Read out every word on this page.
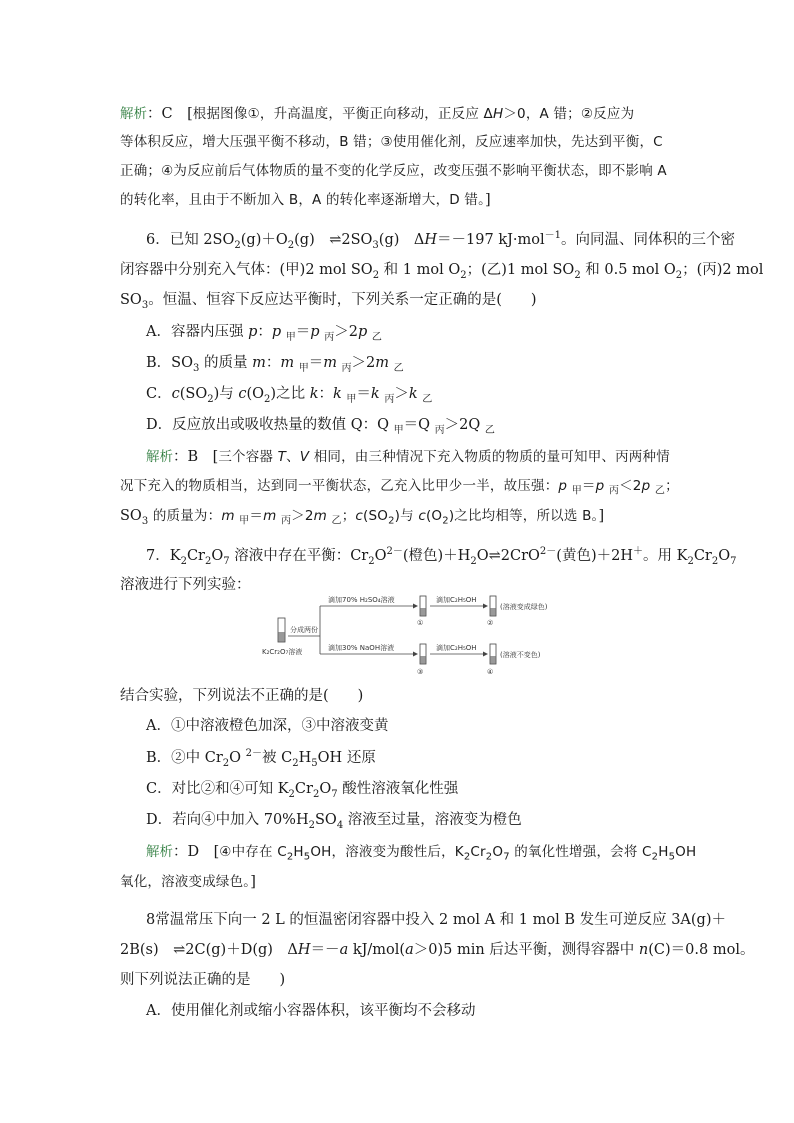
解析：C　[根据图像①，升高温度，平衡正向移动，正反应 ΔH＞0，A 错；②反应为
等体积反应，增大压强平衡不移动，B 错；③使用催化剂，反应速率加快，先达到平衡，C
正确；④为反应前后气体物质的量不变的化学反应，改变压强不影响平衡状态，即不影响 A
的转化率，且由于不断加入 B，A 的转化率逐渐增大，D 错。]
6．已知 $2SO_2(g)+O_2(g)$　$\rightleftharpoons 2SO_3(g)$　ΔH＝－197 kJ·mol$^{-1}$。向同温、同体积的三个密
闭容器中分别充入气体：(甲)2 mol $SO_2$ 和 1 mol $O_2$；(乙)1 mol $SO_2$ 和 0.5 mol $O_2$；(丙)2 mol
$SO_3$。恒温、恒容下反应达平衡时，下列关系一定正确的是(　　)
A．容器内压强 p：p $_甲$＝p $_丙$＞2p $_乙$
B．$SO_3$ 的质量 m：m $_甲$＝m $_丙$＞2m $_乙$
C．$c(SO_2)$与 $c(O_2)$之比 k：k $_甲$＝k $_丙$＞k $_乙$
D．反应放出或吸收热量的数值 Q：Q $_甲$＝Q $_丙$＞2Q $_乙$
解析：B　[三个容器 T、V 相同，由三种情况下充入物质的物质的量可知甲、丙两种情
况下充入的物质相当，达到同一平衡状态，乙充入比甲少一半，故压强：p $_甲$＝p $_丙$＜2p $_乙$；
$SO_3$ 的质量为：m $_甲$＝m $_丙$＞2m $_乙$；$c(SO_2)$与 $c(O_2)$之比均相等，所以选 B。]
7．$K_2Cr_2O_7$ 溶液中存在平衡：$Cr_2O^{2-}$(橙色)$+H_2O\rightleftharpoons 2CrO^{2-}$(黄色)＋2H＋。用 $K_2Cr_2O_7$
溶液进行下列实验：
结合实验，下列说法不正确的是(　　)
A．①中溶液橙色加深，③中溶液变黄
B．②中 $Cr_2O$ $^{2-}$被 $C_2H_5OH$ 还原
C．对比②和④可知 $K_2Cr_2O_7$ 酸性溶液氧化性强
D．若向④中加入 $70\%H_2SO_4$ 溶液至过量，溶液变为橙色
解析：D　[④中存在 $C_2H_5OH$，溶液变为酸性后，$K_2Cr_2O_7$ 的氧化性增强，会将 $C_2H_5OH$
氧化，溶液变成绿色。]
8常温常压下向一 2 L 的恒温密闭容器中投入 2 mol A 和 1 mol B 发生可逆反应 3A(g)＋
2B(s)　⇌2C(g)＋D(g)　ΔH＝－a kJ/mol(a＞0)5 min 后达平衡，测得容器中 n(C)＝0.8 mol。
则下列说法正确的是　　)
A．使用催化剂或缩小容器体积，该平衡均不会移动
K₂Cr₂O₇溶液
分成两份
滴加70% H₂SO₄溶液
①
滴加C₂H₅OH
②
(溶液变成绿色)
滴加30% NaOH溶液
③
滴加C₂H₅OH
④
(溶液不变色)
